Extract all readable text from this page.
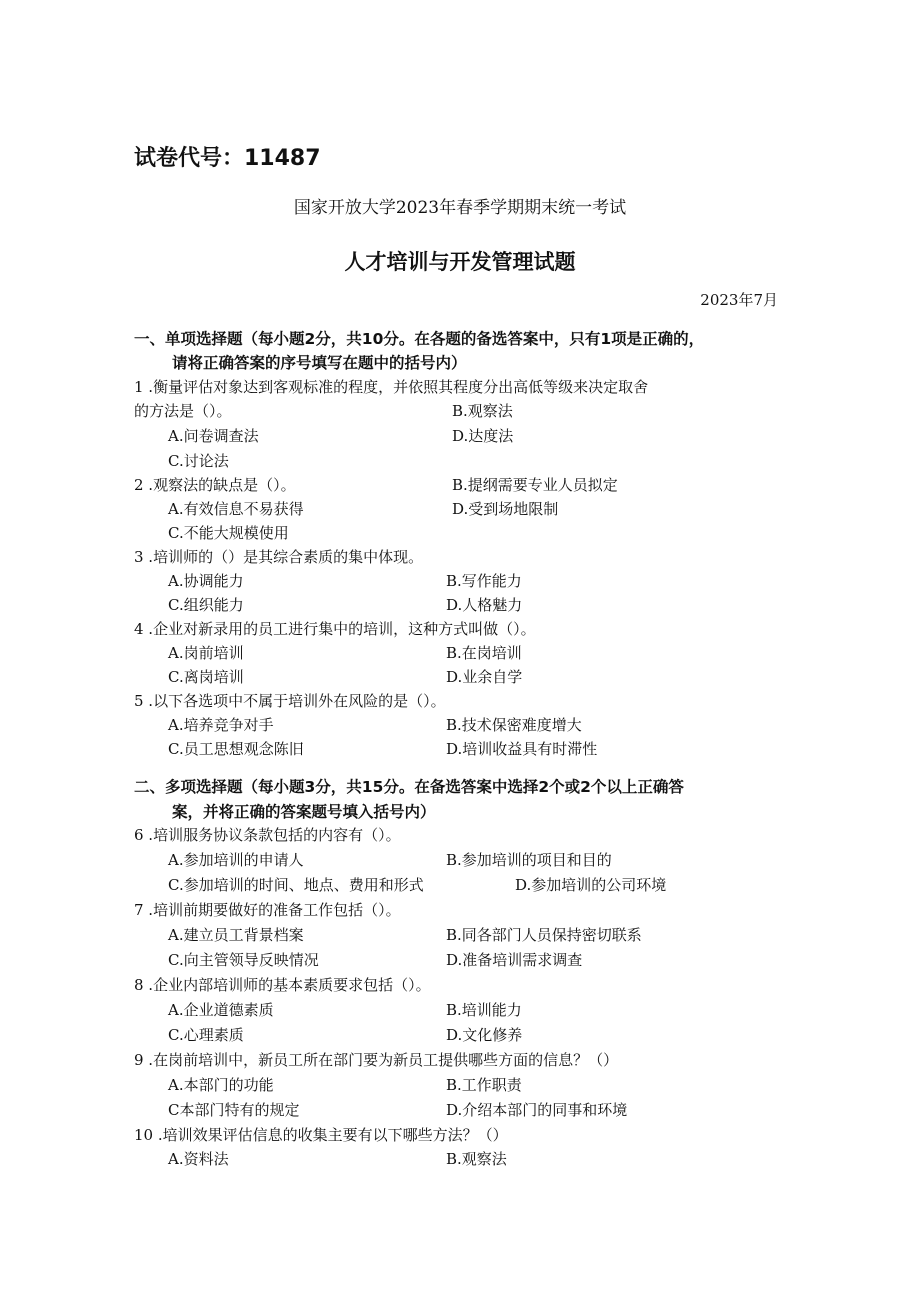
试卷代号：11487
国家开放大学2023年春季学期期末统一考试
人才培训与开发管理试题
2023年7月
一、单项选择题（每小题2分，共10分。在各题的备选答案中，只有1项是正确的，
请将正确答案的序号填写在题中的括号内）
1 .衡量评估对象达到客观标准的程度，并依照其程度分出高低等级来决定取舍
的方法是（）。	B.观察法
A.问卷调查法	D.达度法
C.讨论法
2 .观察法的缺点是（）。	B.提纲需要专业人员拟定
A.有效信息不易获得	D.受到场地限制
C.不能大规模使用
3 .培训师的（）是其综合素质的集中体现。
A.协调能力	B.写作能力
C.组织能力	D.人格魅力
4 .企业对新录用的员工进行集中的培训，这种方式叫做（）。
A.岗前培训	B.在岗培训
C.离岗培训	D.业余自学
5 .以下各选项中不属于培训外在风险的是（）。
A.培养竞争对手	B.技术保密难度增大
C.员工思想观念陈旧	D.培训收益具有时滞性
二、多项选择题（每小题3分，共15分。在备选答案中选择2个或2个以上正确答
案，并将正确的答案题号填入括号内）
6 .培训服务协议条款包括的内容有（）。
A.参加培训的申请人	B.参加培训的项目和目的
C.参加培训的时间、地点、费用和形式	D.参加培训的公司环境
7 .培训前期要做好的准备工作包括（）。
A.建立员工背景档案	B.同各部门人员保持密切联系
C.向主管领导反映情况	D.准备培训需求调查
8 .企业内部培训师的基本素质要求包括（）。
A.企业道德素质	B.培训能力
C.心理素质	D.文化修养
9 .在岗前培训中，新员工所在部门要为新员工提供哪些方面的信息？（）
A.本部门的功能	B.工作职责
C本部门特有的规定	D.介绍本部门的同事和环境
10 .培训效果评估信息的收集主要有以下哪些方法？（）
A.资料法	B.观察法
